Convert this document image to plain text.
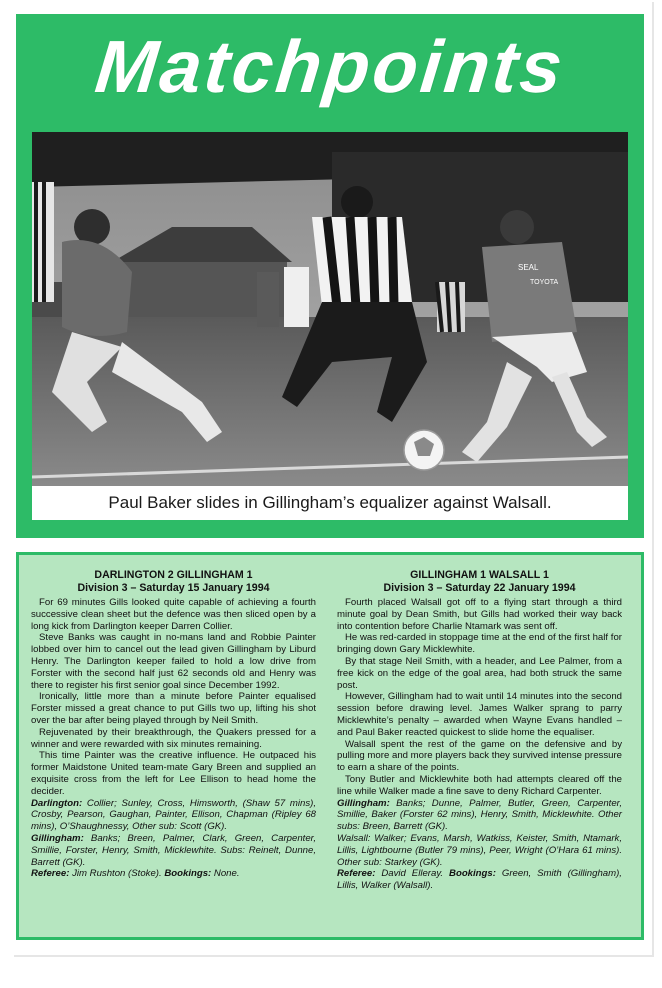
Matchpoints
SEAL
TOYOTA
Paul Baker slides in Gillingham’s equalizer against Walsall.
DARLINGTON 2 GILLINGHAM 1
Division 3 – Saturday 15 January 1994

For 69 minutes Gills looked quite capable of achieving a fourth successive clean sheet but the defence was then sliced open by a long kick from Darlington keeper Darren Collier.

Steve Banks was caught in no-mans land and Robbie Painter lobbed over him to cancel out the lead given Gillingham by Liburd Henry. The Darlington keeper failed to hold a low drive from Forster with the second half just 62 seconds old and Henry was there to register his first senior goal since December 1992.

Ironically, little more than a minute before Painter equalised Forster missed a great chance to put Gills two up, lifting his shot over the bar after being played through by Neil Smith.

Rejuvenated by their breakthrough, the Quakers pressed for a winner and were rewarded with six minutes remaining.

This time Painter was the creative influence. He outpaced his former Maidstone United team-mate Gary Breen and supplied an exquisite cross from the left for Lee Ellison to head home the decider.

Darlington: Collier; Sunley, Cross, Himsworth, (Shaw 57 mins), Crosby, Pearson, Gaughan, Painter, Ellison, Chapman (Ripley 68 mins), O’Shaughnessy, Other sub: Scott (GK).

Gillingham: Banks; Breen, Palmer, Clark, Green, Carpenter, Smillie, Forster, Henry, Smith, Micklewhite. Subs: Reinelt, Dunne, Barrett (GK).

Referee: Jim Rushton (Stoke). Bookings: None.

GILLINGHAM 1 WALSALL 1
Division 3 – Saturday 22 January 1994

Fourth placed Walsall got off to a flying start through a third minute goal by Dean Smith, but Gills had worked their way back into contention before Charlie Ntamark was sent off.

He was red-carded in stoppage time at the end of the first half for bringing down Gary Micklewhite.

By that stage Neil Smith, with a header, and Lee Palmer, from a free kick on the edge of the goal area, had both struck the same post.

However, Gillingham had to wait until 14 minutes into the second session before drawing level. James Walker sprang to parry Micklewhite’s penalty – awarded when Wayne Evans handled – and Paul Baker reacted quickest to slide home the equaliser.

Walsall spent the rest of the game on the defensive and by pulling more and more players back they survived intense pressure to earn a share of the points.

Tony Butler and Micklewhite both had attempts cleared off the line while Walker made a fine save to deny Richard Carpenter.

Gillingham: Banks; Dunne, Palmer, Butler, Green, Carpenter, Smillie, Baker (Forster 62 mins), Henry, Smith, Micklewhite. Other subs: Breen, Barrett (GK).

Walsall: Walker; Evans, Marsh, Watkiss, Keister, Smith, Ntamark, Lillis, Lightbourne (Butler 79 mins), Peer, Wright (O’Hara 61 mins). Other sub: Starkey (GK).

Referee: David Elleray. Bookings: Green, Smith (Gillingham), Lillis, Walker (Walsall).
